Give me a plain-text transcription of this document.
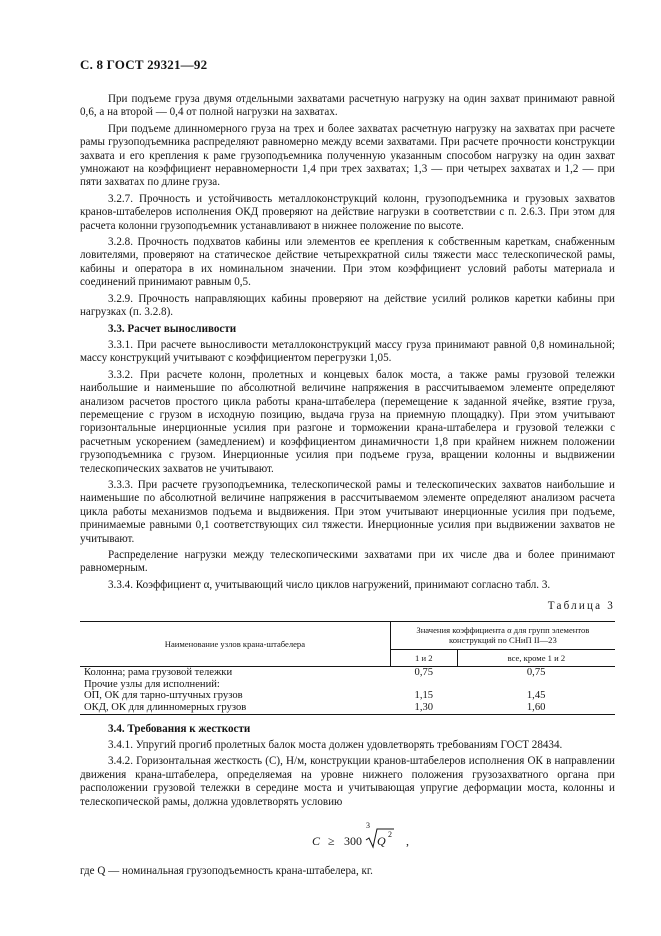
С. 8 ГОСТ 29321—92

При подъеме груза двумя отдельными захватами расчетную нагрузку на один захват принимают равной 0,6, а на второй — 0,4 от полной нагрузки на захватах.

При подъеме длинномерного груза на трех и более захватах расчетную нагрузку на захватах при расчете рамы грузоподъемника распределяют равномерно между всеми захватами. При расчете прочности конструкции захвата и его крепления к раме грузоподъемника полученную указанным способом нагрузку на один захват умножают на коэффициент неравномерности 1,4 при трех захватах; 1,3 — при четырех захватах и 1,2 — при пяти захватах по длине груза.

3.2.7. Прочность и устойчивость металлоконструкций колонн, грузоподъемника и грузовых захватов кранов-штабелеров исполнения ОКД проверяют на действие нагрузки в соответствии с п. 2.6.3. При этом для расчета колонни грузоподъемник устанавливают в нижнее положение по высоте.

3.2.8. Прочность подхватов кабины или элементов ее крепления к собственным кареткам, снабженным ловителями, проверяют на статическое действие четырехкратной силы тяжести масс телескопической рамы, кабины и оператора в их номинальном значении. При этом коэффициент условий работы материала и соединений принимают равным 0,5.

3.2.9. Прочность направляющих кабины проверяют на действие усилий роликов каретки кабины при нагрузках (п. 3.2.8).

3.3. Расчет выносливости

3.3.1. При расчете выносливости металлоконструкций массу груза принимают равной 0,8 номинальной; массу конструкций учитывают с коэффициентом перегрузки 1,05.

3.3.2. При расчете колонн, пролетных и концевых балок моста, а также рамы грузовой тележки наибольшие и наименьшие по абсолютной величине напряжения в рассчитываемом элементе определяют анализом расчетов простого цикла работы крана-штабелера (перемещение к заданной ячейке, взятие груза, перемещение с грузом в исходную позицию, выдача груза на приемную площадку). При этом учитывают горизонтальные инерционные усилия при разгоне и торможении крана-штабелера и грузовой тележки с расчетным ускорением (замедлением) и коэффициентом динамичности 1,8 при крайнем нижнем положении грузоподъемника с грузом. Инерционные усилия при подъеме груза, вращении колонны и выдвижении телескопических захватов не учитывают.

3.3.3. При расчете грузоподъемника, телескопической рамы и телескопических захватов наибольшие и наименьшие по абсолютной величине напряжения в рассчитываемом элементе определяют анализом расчета цикла работы механизмов подъема и выдвижения. При этом учитывают инерционные усилия при подъеме, принимаемые равными 0,1 соответствующих сил тяжести. Инерционные усилия при выдвижении захватов не учитывают.

Распределение нагрузки между телескопическими захватами при их числе два и более принимают равномерным.

3.3.4. Коэффициент α, учитывающий число циклов нагружений, принимают согласно табл. 3.

Таблица 3

Наименование узлов крана-штабелера	Значения коэффициента α для групп элементов конструкций по СНиП II—23	
	1 и 2	все, кроме 1 и 2
Колонна; рама грузовой тележки	0,75	0,75
Прочие узлы для исполнений:		
ОП, ОК для тарно-штучных грузов	1,15	1,45
ОКД, ОК для длинномерных грузов	1,30	1,60
3.4. Требования к жесткости

3.4.1. Упругий прогиб пролетных балок моста должен удовлетворять требованиям ГОСТ 28434.

3.4.2. Горизонтальная жесткость (C), Н/м, конструкции кранов-штабелеров исполнения ОК в направлении движения крана-штабелера, определяемая на уровне нижнего положения грузозахватного органа при расположении грузовой тележки в середине моста и учитывающая упругие деформации моста, колонны и телескопической рамы, должна удовлетворять условию

C ≥ 300
3
Q 2 ,

где Q — номинальная грузоподъемность крана-штабелера, кг.
